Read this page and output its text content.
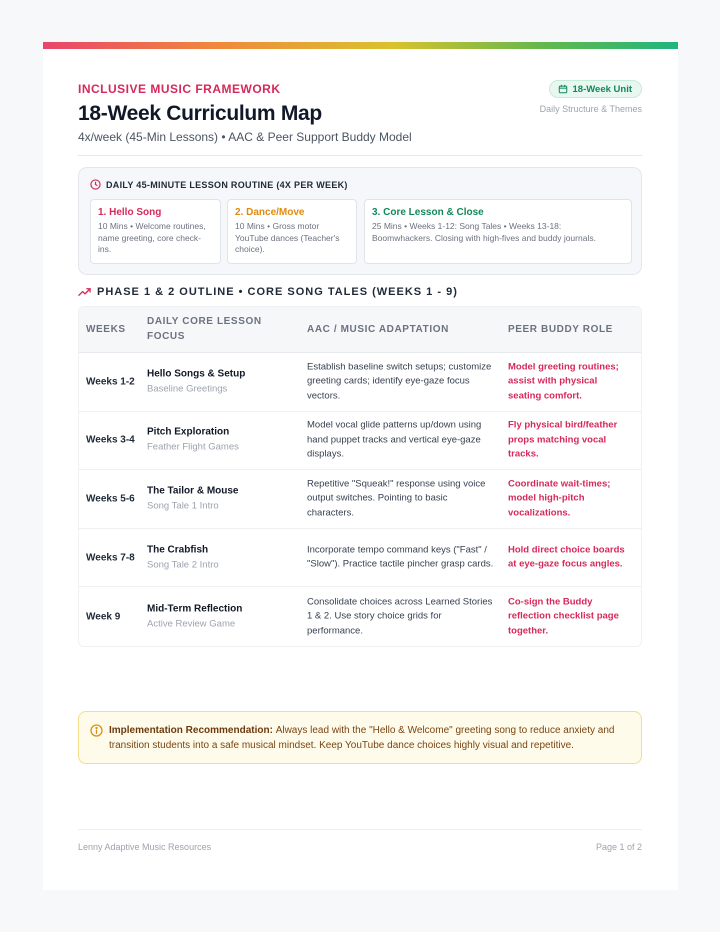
INCLUSIVE MUSIC FRAMEWORK
18-Week Curriculum Map
4x/week (45-Min Lessons) • AAC & Peer Support Buddy Model
18-Week Unit
Daily Structure & Themes
DAILY 45-MINUTE LESSON ROUTINE (4X PER WEEK)
1. Hello Song
10 Mins • Welcome routines, name greeting, core check-ins.
2. Dance/Move
10 Mins • Gross motor YouTube dances (Teacher's choice).
3. Core Lesson & Close
25 Mins • Weeks 1-12: Song Tales • Weeks 13-18: Boomwhackers. Closing with high-fives and buddy journals.
PHASE 1 & 2 OUTLINE • CORE SONG TALES (WEEKS 1 - 9)
WEEKS
DAILY CORE LESSON FOCUS
AAC / MUSIC ADAPTATION	PEER BUDDY ROLE
Weeks 1-2
Hello Songs & Setup
Baseline Greetings
Establish baseline switch setups; customize greeting cards; identify eye-gaze focus vectors.
Model greeting routines; assist with physical seating comfort.
Weeks 3-4
Pitch Exploration
Feather Flight Games
Model vocal glide patterns up/down using hand puppet tracks and vertical eye-gaze displays.
Fly physical bird/feather props matching vocal tracks.
Weeks 5-6
The Tailor & Mouse
Song Tale 1 Intro
Repetitive "Squeak!" response using voice output switches. Pointing to basic characters.
Coordinate wait-times; model high-pitch vocalizations.
Weeks 7-8
The Crabfish
Song Tale 2 Intro
Incorporate tempo command keys ("Fast" / "Slow"). Practice tactile pincher grasp cards.
Hold direct choice boards at eye-gaze focus angles.
Week 9
Mid-Term Reflection
Active Review Game
Consolidate choices across Learned Stories 1 & 2. Use story choice grids for performance.
Co-sign the Buddy reflection checklist page together.
Implementation Recommendation: Always lead with the "Hello & Welcome" greeting song to reduce anxiety and transition students into a safe musical mindset. Keep YouTube dance choices highly visual and repetitive.
Lenny Adaptive Music Resources	Page 1 of 2
